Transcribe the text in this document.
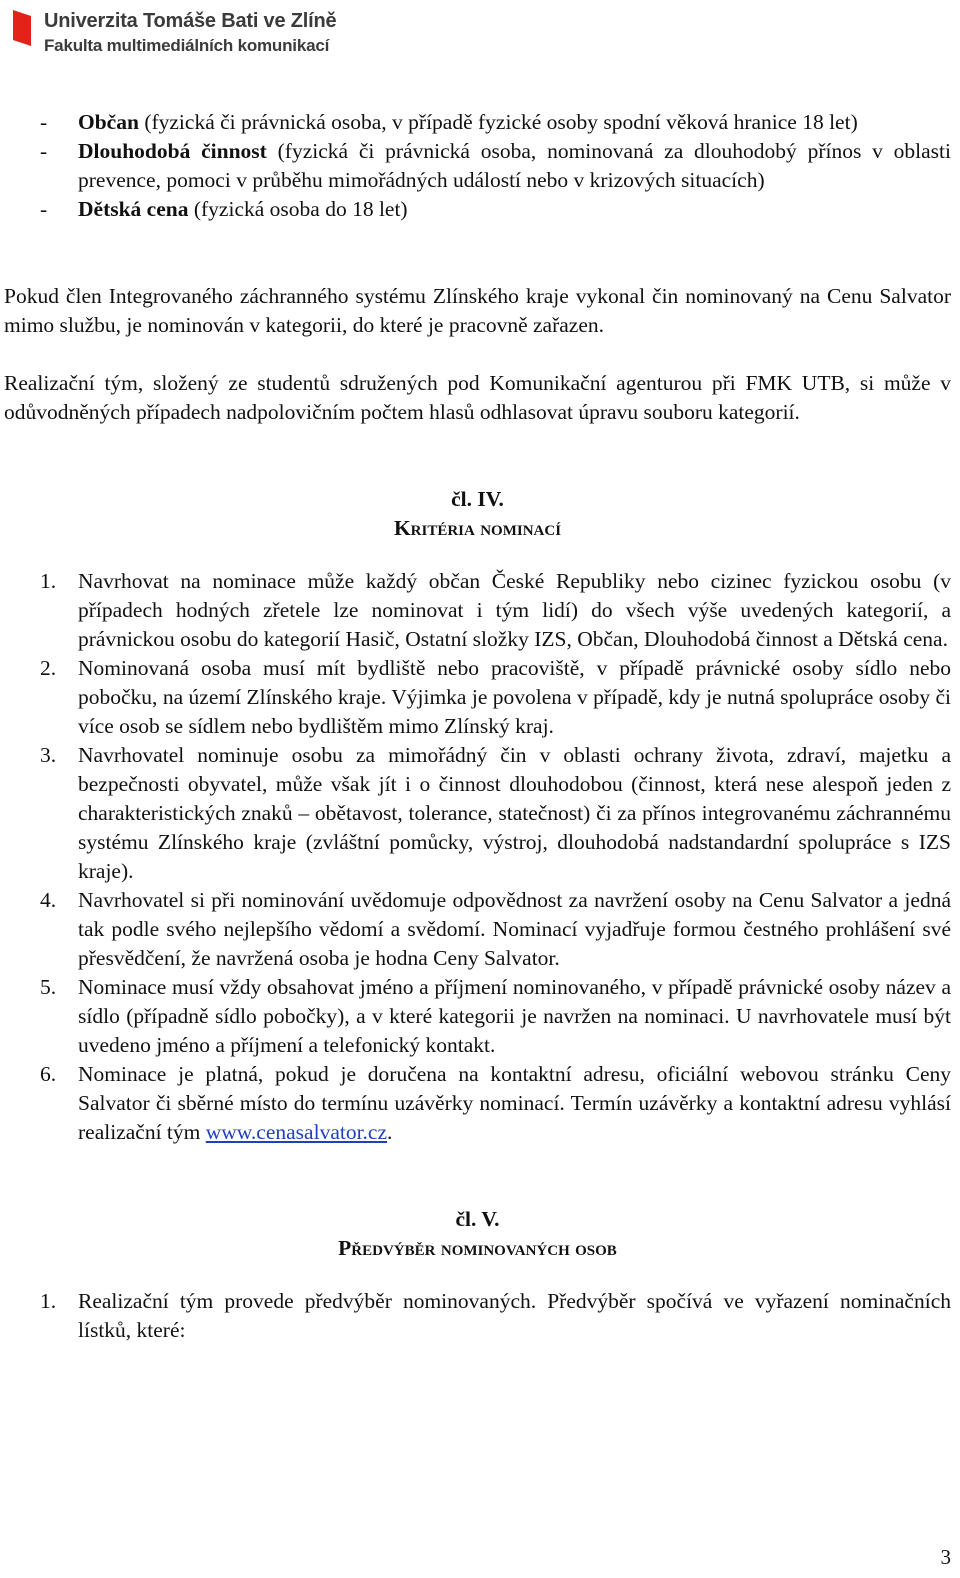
Univerzita Tomáše Bati ve Zlíně
Fakulta multimediálních komunikací
- Občan (fyzická či právnická osoba, v případě fyzické osoby spodní věková hranice 18 let)
- Dlouhodobá činnost (fyzická či právnická osoba, nominovaná za dlouhodobý přínos v oblasti prevence, pomoci v průběhu mimořádných událostí nebo v krizových situacích)
- Dětská cena (fyzická osoba do 18 let)

Pokud člen Integrovaného záchranného systému Zlínského kraje vykonal čin nominovaný na Cenu Salvator mimo službu, je nominován v kategorii, do které je pracovně zařazen.

Realizační tým, složený ze studentů sdružených pod Komunikační agenturou při FMK UTB, si může v odůvodněných případech nadpolovičním počtem hlasů odhlasovat úpravu souboru kategorií.

čl. IV.

Kritéria nominací

1. Navrhovat na nominace může každý občan České Republiky nebo cizinec fyzickou osobu (v případech hodných zřetele lze nominovat i tým lidí) do všech výše uvedených kategorií, a právnickou osobu do kategorií Hasič, Ostatní složky IZS, Občan, Dlouhodobá činnost a Dětská cena.
2. Nominovaná osoba musí mít bydliště nebo pracoviště, v případě právnické osoby sídlo nebo pobočku, na území Zlínského kraje. Výjimka je povolena v případě, kdy je nutná spolupráce osoby či více osob se sídlem nebo bydlištěm mimo Zlínský kraj.
3. Navrhovatel nominuje osobu za mimořádný čin v oblasti ochrany života, zdraví, majetku a bezpečnosti obyvatel, může však jít i o činnost dlouhodobou (činnost, která nese alespoň jeden z charakteristických znaků – obětavost, tolerance, statečnost) či za přínos integrovanému záchrannému systému Zlínského kraje (zvláštní pomůcky, výstroj, dlouhodobá nadstandardní spolupráce s IZS kraje).
4. Navrhovatel si při nominování uvědomuje odpovědnost za navržení osoby na Cenu Salvator a jedná tak podle svého nejlepšího vědomí a svědomí. Nominací vyjadřuje formou čestného prohlášení své přesvědčení, že navržená osoba je hodna Ceny Salvator.
5. Nominace musí vždy obsahovat jméno a příjmení nominovaného, v případě právnické osoby název a sídlo (případně sídlo pobočky), a v které kategorii je navržen na nominaci. U navrhovatele musí být uvedeno jméno a příjmení a telefonický kontakt.
6. Nominace je platná, pokud je doručena na kontaktní adresu, oficiální webovou stránku Ceny Salvator či sběrné místo do termínu uzávěrky nominací. Termín uzávěrky a kontaktní adresu vyhlásí realizační tým www.cenasalvator.cz.

čl. V.

Předvýběr nominovaných osob

1. Realizační tým provede předvýběr nominovaných. Předvýběr spočívá ve vyřazení nominačních lístků, které:
3
